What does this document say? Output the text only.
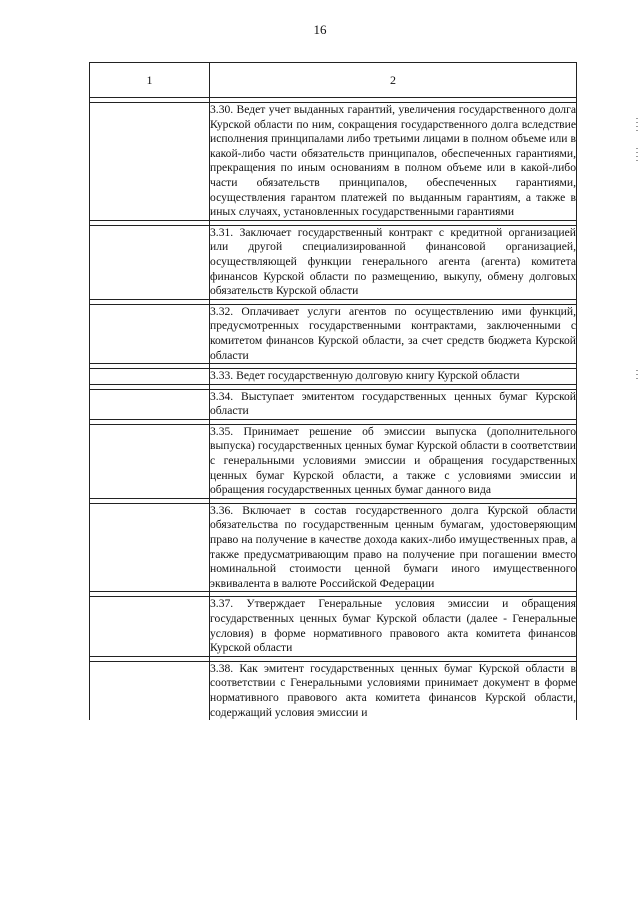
16
1	2

	3.30. Ведет учет выданных гарантий, увеличения государственного долга Курской области по ним, сокращения государственного долга вследствие исполнения принципалами либо третьими лицами в полном объеме или в какой-либо части обязательств принципалов, обеспеченных гарантиями, прекращения по иным основаниям в полном объеме или в какой-либо части обязательств принципалов, обеспеченных гарантиями, осуществления гарантом платежей по выданным гарантиям, а также в иных случаях, установленных государственными гарантиями

	3.31. Заключает государственный контракт с кредитной организацией или другой специализированной финансовой организацией, осуществляющей функции генерального агента (агента) комитета финансов Курской области по размещению, выкупу, обмену долговых обязательств Курской области

	3.32. Оплачивает услуги агентов по осуществлению ими функций, предусмотренных государственными контрактами, заключенными с комитетом финансов Курской области, за счет средств бюджета Курской области

	3.33. Ведет государственную долговую книгу Курской области

	3.34. Выступает эмитентом государственных ценных бумаг Курской области

	3.35. Принимает решение об эмиссии выпуска (дополнительного выпуска) государственных ценных бумаг Курской области в соответствии с генеральными условиями эмиссии и обращения государственных ценных бумаг Курской области, а также с условиями эмиссии и обращения государственных ценных бумаг данного вида

	3.36. Включает в состав государственного долга Курской области обязательства по государственным ценным бумагам, удостоверяющим право на получение в качестве дохода каких-либо имущественных прав, а также предусматривающим право на получение при погашении вместо номинальной стоимости ценной бумаги иного имущественного эквивалента в валюте Российской Федерации

	3.37. Утверждает Генеральные условия эмиссии и обращения государственных ценных бумаг Курской области (далее - Генеральные условия) в форме нормативного правового акта комитета финансов Курской области

	3.38. Как эмитент государственных ценных бумаг Курской области в соответствии с Генеральными условиями принимает документ в форме нормативного правового акта комитета финансов Курской области, содержащий условия эмиссии и
